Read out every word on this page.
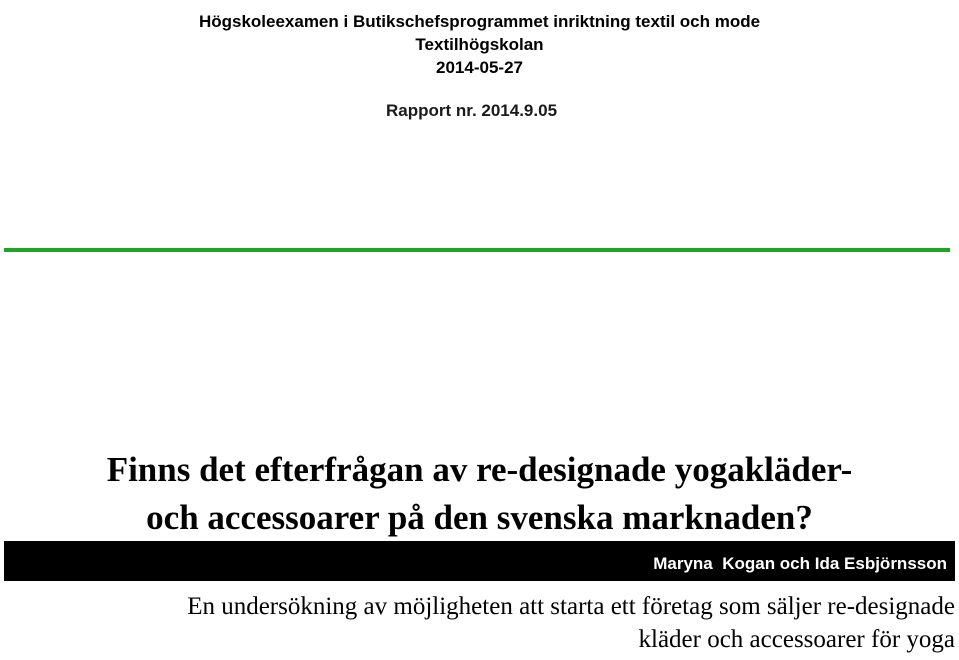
Högskoleexamen i Butikschefsprogrammet inriktning textil och mode
Textilhögskolan
2014-05-27
Rapport nr. 2014.9.05
Finns det efterfrågan av re-designade yogakläder-
och accessoarer på den svenska marknaden?
Maryna  Kogan och Ida Esbjörnsson
En undersökning av möjligheten att starta ett företag som säljer re-designade
kläder och accessoarer för yoga
